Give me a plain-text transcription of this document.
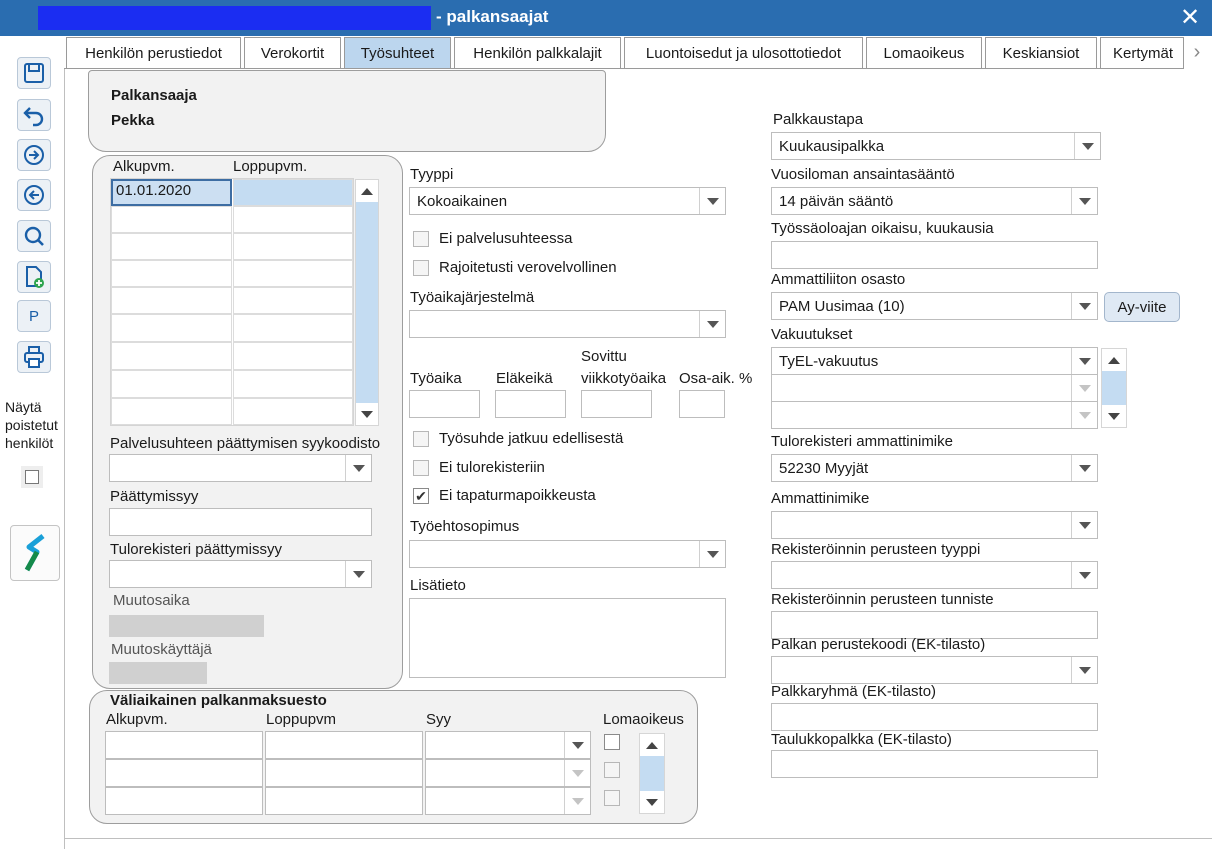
- palkansaajat	✕
P
Näytä poistetut henkilöt
Henkilön perustiedot	Verokortit	Työsuhteet	Henkilön palkkalajit	Luontoisedut ja ulosottotiedot	Lomaoikeus	Keskiansiot	Kertymät	›
Palkansaaja
Pekka
Alkupvm.	Loppupvm.
01.01.2020
Palvelusuhteen päättymisen syykoodisto
Päättymissyy
Tulorekisteri päättymissyy
Muutosaika
Muutoskäyttäjä
Tyyppi
Kokoaikainen
Ei palvelusuhteessa
Rajoitetusti verovelvollinen
Työaikajärjestelmä
Sovittu
Työaika Eläkeikä viikkotyöaika Osa-aik. %
Työsuhde jatkuu edellisestä
Ei tulorekisteriin
✔ Ei tapaturmapoikkeusta
Työehtosopimus
Lisätieto
Väliaikainen palkanmaksuesto
Alkupvm.	Loppupvm	Syy	Lomaoikeus
Palkkaustapa
Kuukausipalkka
Vuosiloman ansaintasääntö
14 päivän sääntö
Työssäoloajan oikaisu, kuukausia
Ammattiliiton osasto
PAM Uusimaa (10)	Ay-viite
Vakuutukset
TyEL-vakuutus
Tulorekisteri ammattinimike
52230 Myyjät
Ammattinimike
Rekisteröinnin perusteen tyyppi
Rekisteröinnin perusteen tunniste
Palkan perustekoodi (EK-tilasto)
Palkkaryhmä (EK-tilasto)
Taulukkopalkka (EK-tilasto)
